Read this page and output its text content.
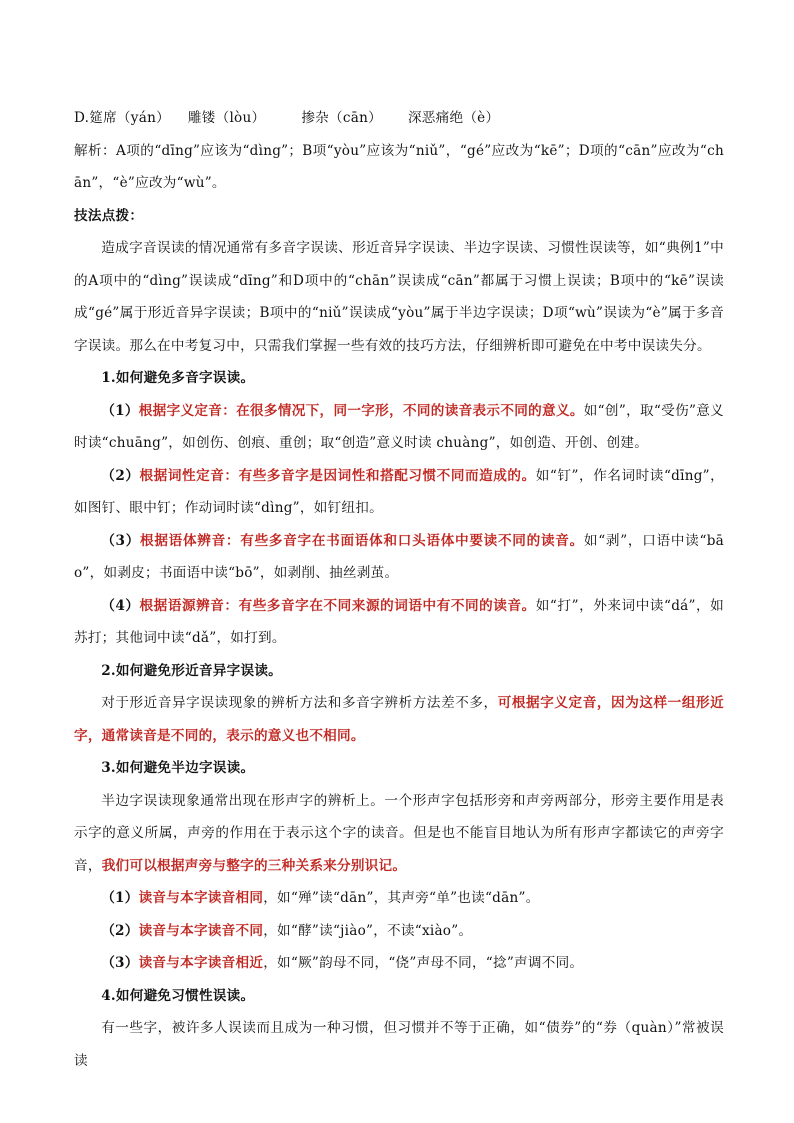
D.筵席（yán） 雕镂（lòu）	掺杂（cān） 深恶痛绝（è）

解析：A项的“dīng”应该为“dìng”；B项“yòu”应该为“niǔ”，“gé”应改为“kē”；D项的“cān”应改为“chān”，“è”应改为“wù”。

技法点拨：

造成字音误读的情况通常有多音字误读、形近音异字误读、半边字误读、习惯性误读等，如“典例1”中的A项中的“dìng”误读成“dīng”和D项中的“chān”误读成“cān”都属于习惯上误读；B项中的“kē”误读成“gé”属于形近音异字误读；B项中的“niǔ”误读成“yòu”属于半边字误读；D项“wù”误读为“è”属于多音字误读。那么在中考复习中，只需我们掌握一些有效的技巧方法，仔细辨析即可避免在中考中误读失分。

1.如何避免多音字误读。

（1）根据字义定音：在很多情况下，同一字形，不同的读音表示不同的意义。如“创”，取“受伤”意义时读“chuāng”，如创伤、创痕、重创；取“创造”意义时读 chuàng”，如创造、开创、创建。

（2）根据词性定音：有些多音字是因词性和搭配习惯不同而造成的。如“钉”，作名词时读“dīng”，如图钉、眼中钉；作动词时读“dìng”，如钉纽扣。

（3）根据语体辨音：有些多音字在书面语体和口头语体中要读不同的读音。如“剥”，口语中读“bāo”，如剥皮；书面语中读“bō”，如剥削、抽丝剥茧。

（4）根据语源辨音：有些多音字在不同来源的词语中有不同的读音。如“打”，外来词中读“dá”，如苏打；其他词中读“dǎ”，如打到。

2.如何避免形近音异字误读。

对于形近音异字误读现象的辨析方法和多音字辨析方法差不多，可根据字义定音，因为这样一组形近字，通常读音是不同的，表示的意义也不相同。

3.如何避免半边字误读。

半边字误读现象通常出现在形声字的辨析上。一个形声字包括形旁和声旁两部分，形旁主要作用是表示字的意义所属，声旁的作用在于表示这个字的读音。但是也不能盲目地认为所有形声字都读它的声旁字音，我们可以根据声旁与整字的三种关系来分别识记。

（1）读音与本字读音相同，如“殚”读“dān”，其声旁“单”也读“dān”。

（2）读音与本字读音不同，如“酵”读“jiào”，不读“xiào”。

（3）读音与本字读音相近，如“厥”韵母不同，“侥”声母不同，“捻”声调不同。

4.如何避免习惯性误读。

有一些字，被许多人误读而且成为一种习惯，但习惯并不等于正确，如“债券”的“券（quàn）”常被误读
